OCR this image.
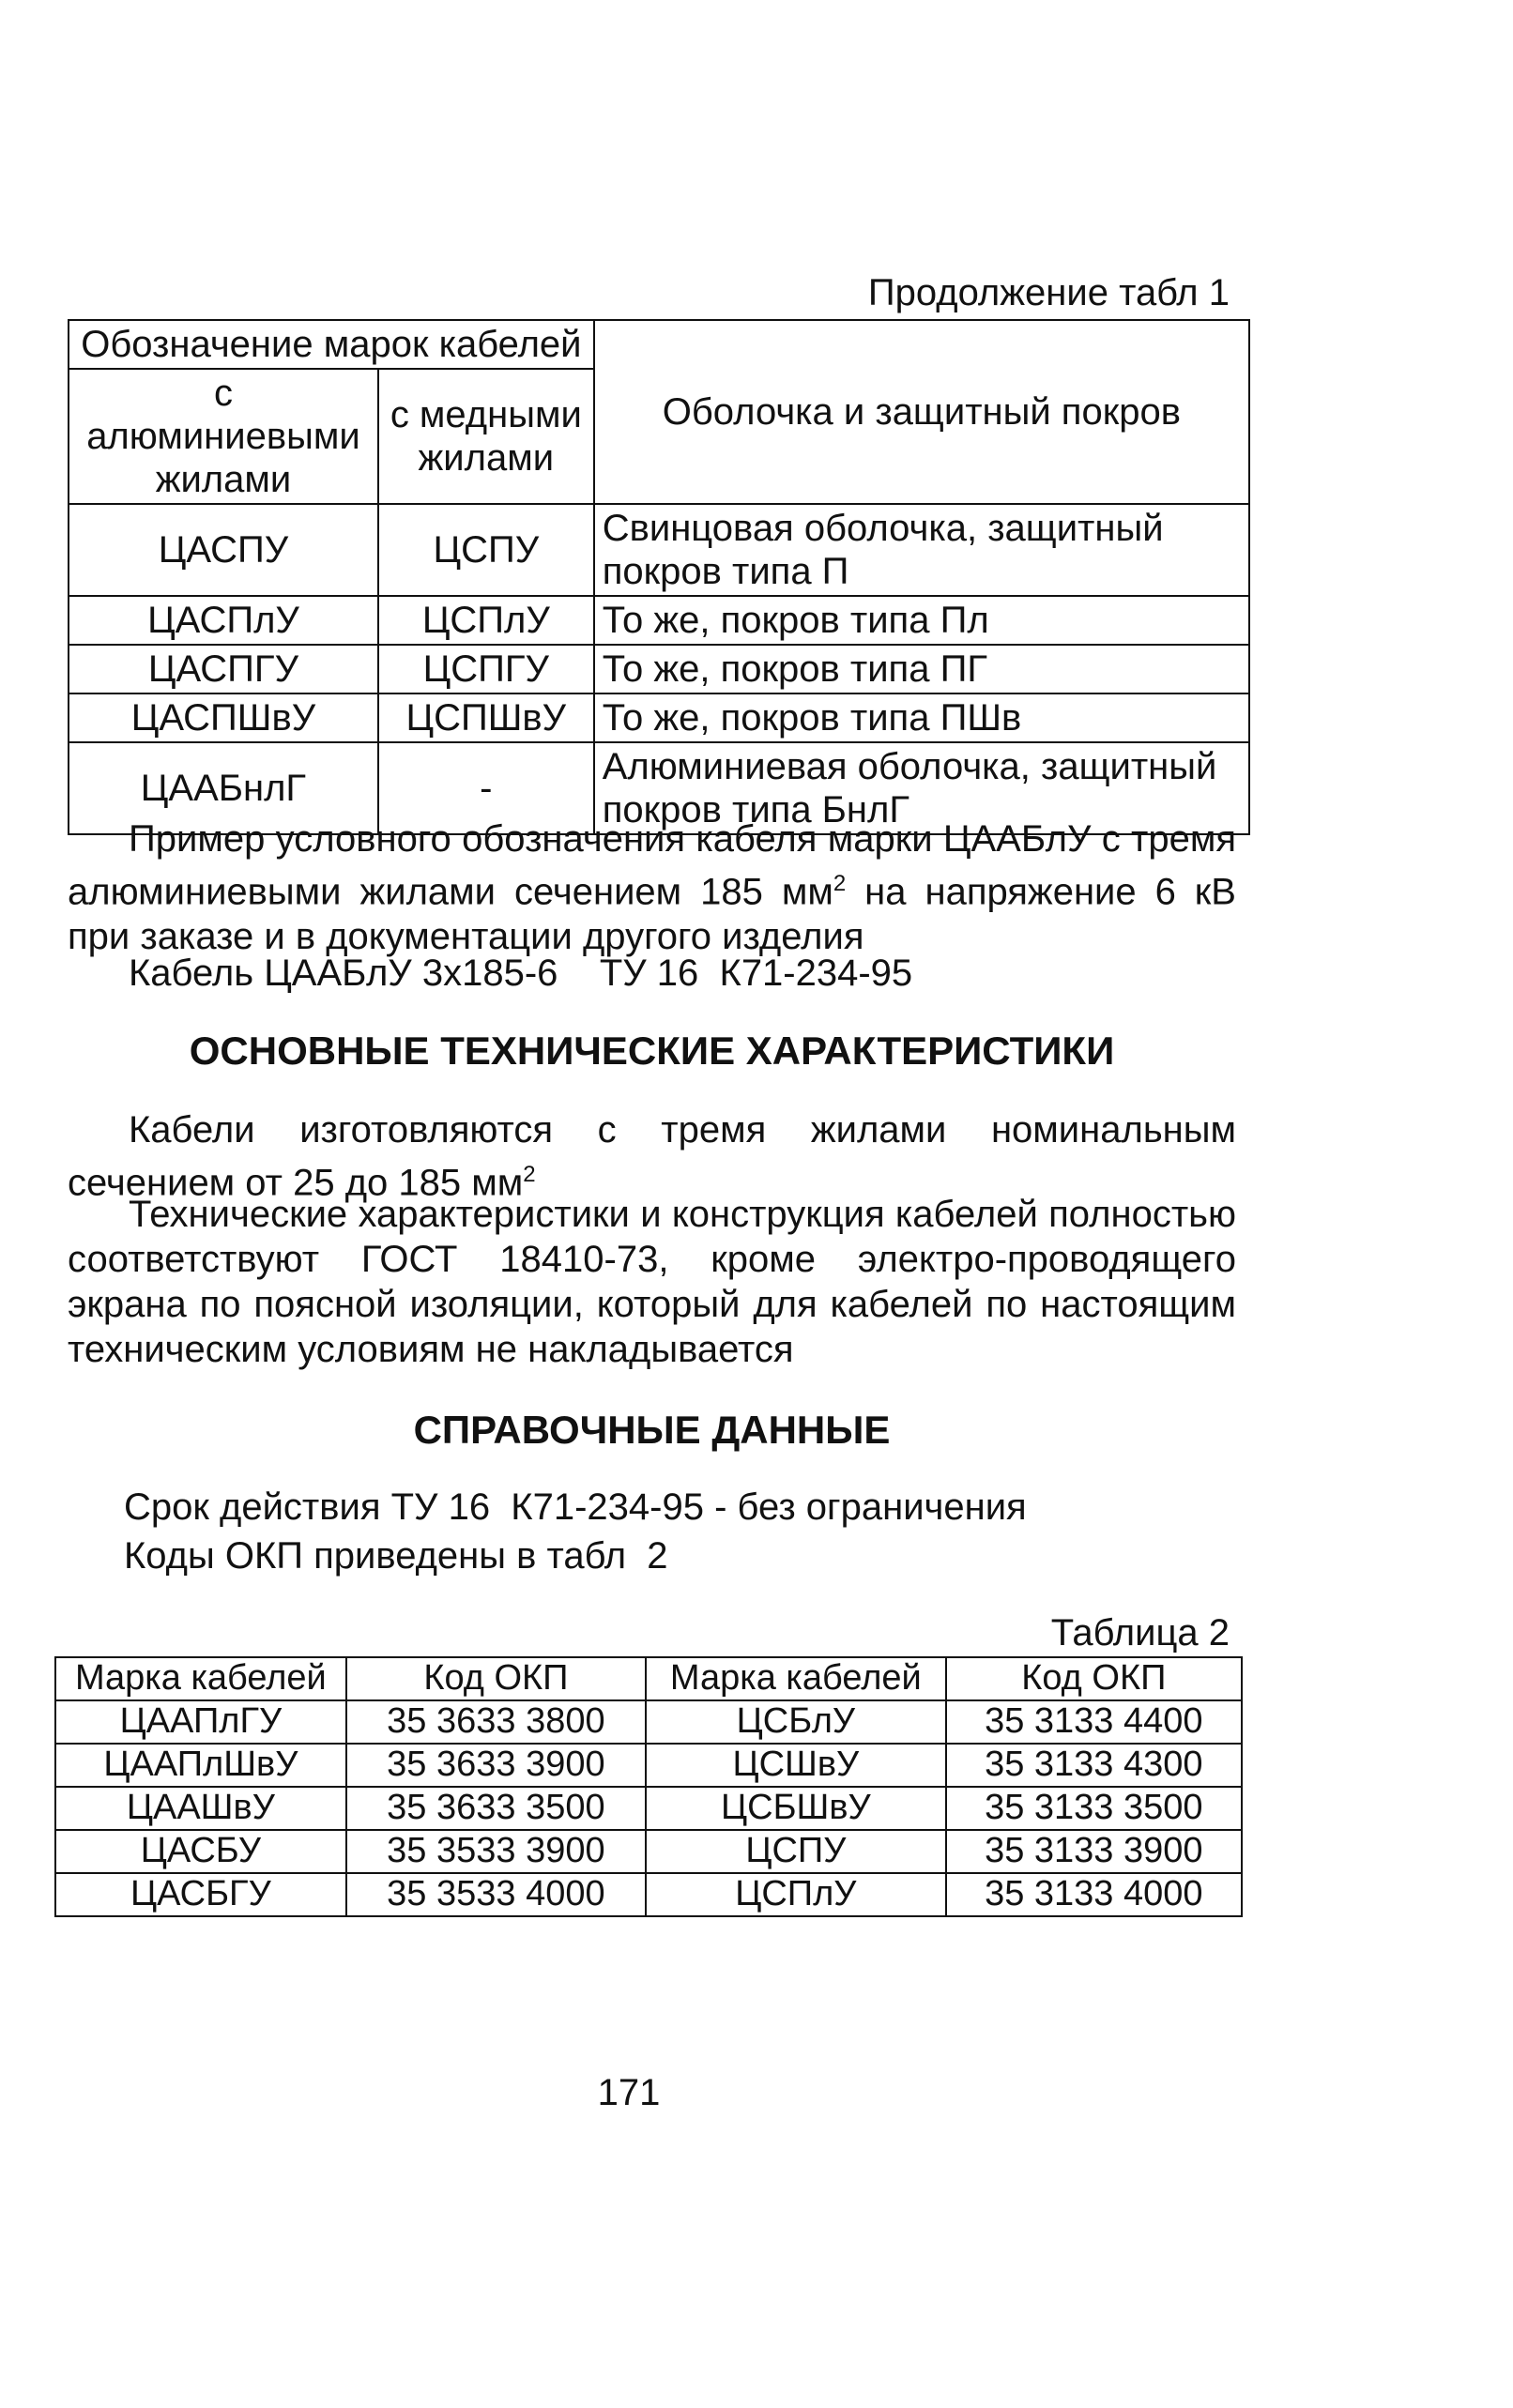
Продолжение табл 1
Обозначение марок кабелей		Оболочка и защитный покров
с алюминиевыми жилами	с медными жилами	
ЦАСПУ	ЦСПУ	Свинцовая оболочка, защитный покров типа П
ЦАСПлУ	ЦСПлУ	То же, покров типа Пл
ЦАСПГУ	ЦСПГУ	То же, покров типа ПГ
ЦАСПШвУ	ЦСПШвУ	То же, покров типа ПШв
ЦААБнлГ	-	Алюминиевая оболочка, защитный покров типа БнлГ
Пример условного обозначения кабеля марки ЦААБлУ с тремя алюминиевыми жилами сечением 185 $мм^2$ на напряжение 6 кВ при заказе и в документации другого изделия
Кабель ЦААБлУ 3х185-6    ТУ 16  К71-234-95
ОСНОВНЫЕ ТЕХНИЧЕСКИЕ ХАРАКТЕРИСТИКИ
Кабели изготовляются с тремя жилами номинальным сечением от 25 до 185 $мм^2$
Технические характеристики и конструкция кабелей полностью соответствуют ГОСТ 18410-73, кроме электро-проводящего экрана по поясной изоляции, который для кабелей по настоящим техническим условиям не накладывается
СПРАВОЧНЫЕ ДАННЫЕ
Срок действия ТУ 16  К71-234-95 - без ограничения
Коды ОКП приведены в табл  2
Таблица 2
Марка кабелей	Код ОКП	Марка кабелей	Код ОКП
ЦААПлГУ	35 3633 3800	ЦСБлУ	35 3133 4400
ЦААПлШвУ	35 3633 3900	ЦСШвУ	35 3133 4300
ЦААШвУ	35 3633 3500	ЦСБШвУ	35 3133 3500
ЦАСБУ	35 3533 3900	ЦСПУ	35 3133 3900
ЦАСБГУ	35 3533 4000	ЦСПлУ	35 3133 4000
171
